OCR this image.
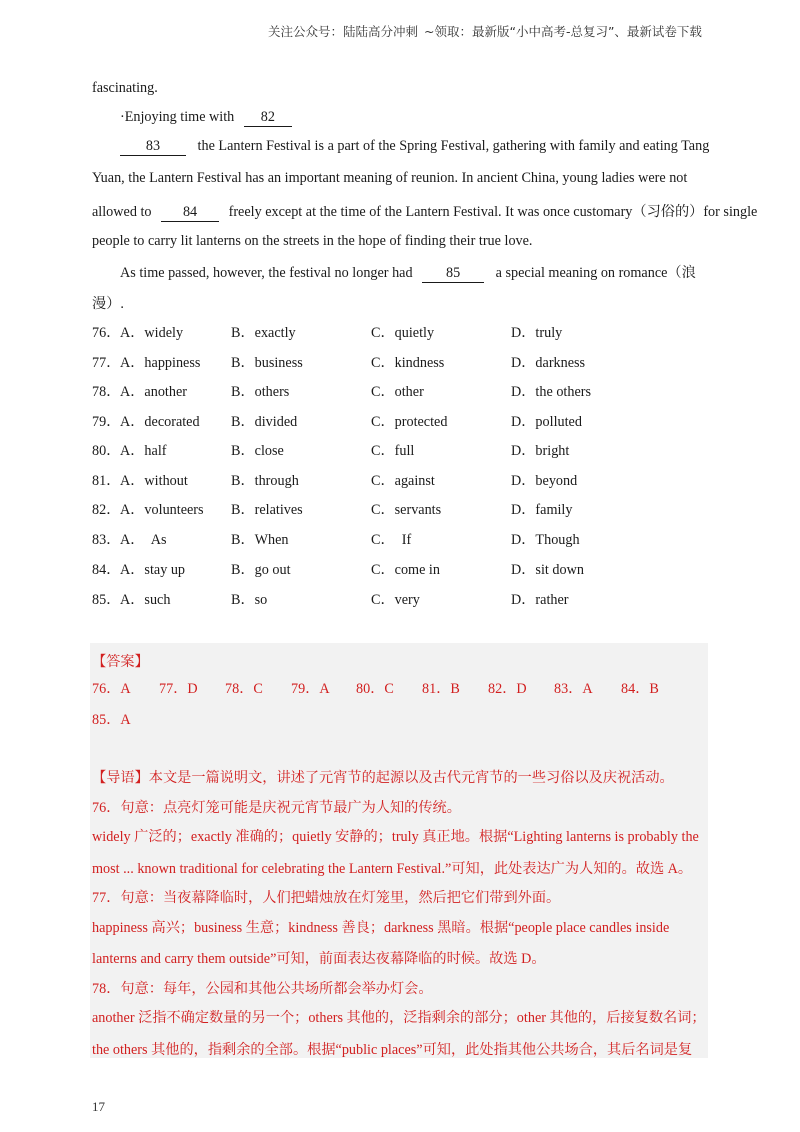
关注公众号：陆陆高分冲刺 ~领取：最新版“小中高考-总复习”、最新试卷下载
fascinating.
·Enjoying time with 82
83	the Lantern Festival is a part of the Spring Festival, gathering with family and eating Tang
Yuan, the Lantern Festival has an important meaning of reunion. In ancient China, young ladies were not
allowed to 84 freely except at the time of the Lantern Festival. It was once customary（习俗的）for single
people to carry lit lanterns on the streets in the hope of finding their true love.
As time passed, however, the festival no longer had 85 a special meaning on romance（浪
漫）.
76． A．widely	B．exactly	C．quietly	D．truly
77． A．happiness B．business	C．kindness	D．darkness
78． A．another	B．others	C．other	D．the others
79． A．decorated B．divided	C．protected	D．polluted
80． A．half	B．close	C．full	D．bright
81． A．without	B．through	C．against	D．beyond
82． A．volunteers B．relatives	C．servants	D．family
83． A．  As	B．When	C．  If	D．Though
84． A．stay up	B．go out	C．come in	D．sit down
85． A．such	B．so	C．very	D．rather
【答案】
76．A 77．D 78．C 79．A 80．C 81．B 82．D 83．A 84．B
85．A
【导语】本文是一篇说明文，讲述了元宵节的起源以及古代元宵节的一些习俗以及庆祝活动。
76．句意：点亮灯笼可能是庆祝元宵节最广为人知的传统。
widely 广泛的；exactly 准确的；quietly 安静的；truly 真正地。根据“Lighting lanterns is probably the
most ... known traditional for celebrating the Lantern Festival.”可知，此处表达广为人知的。故选 A。
77．句意：当夜幕降临时，人们把蜡烛放在灯笼里，然后把它们带到外面。
happiness 高兴；business 生意；kindness 善良；darkness 黑暗。根据“people place candles inside
lanterns and carry them outside”可知，前面表达夜幕降临的时候。故选 D。
78．句意：每年，公园和其他公共场所都会举办灯会。
another 泛指不确定数量的另一个；others 其他的，泛指剩余的部分；other 其他的，后接复数名词；
the others 其他的，指剩余的全部。根据“public places”可知，此处指其他公共场合，其后名词是复
17
